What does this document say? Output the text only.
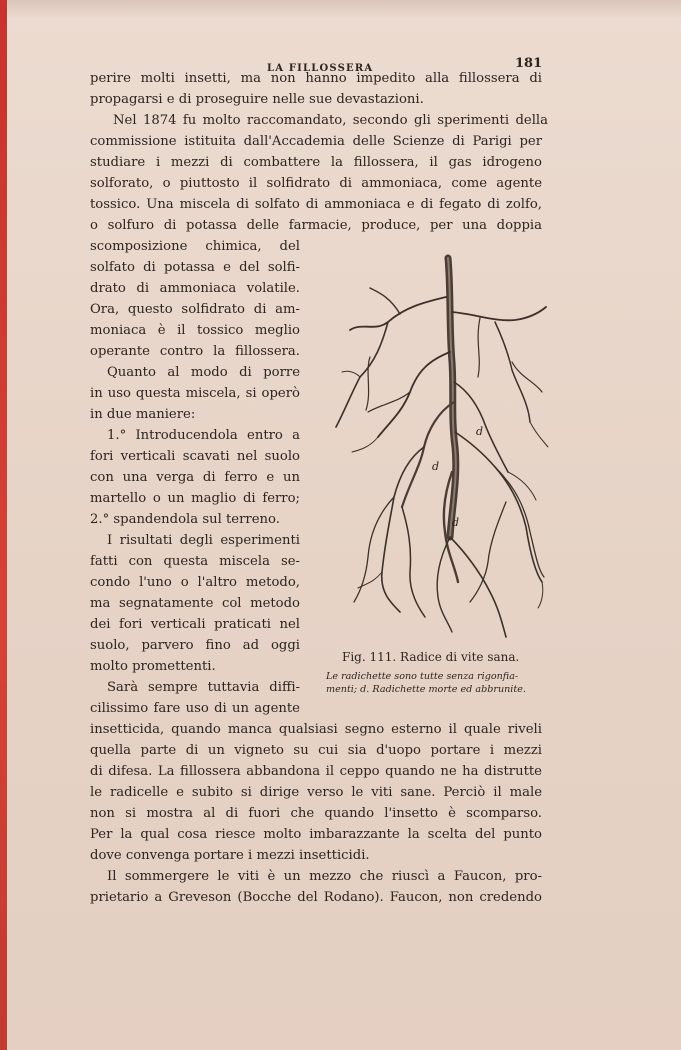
LA FILLOSSERA	181
perire molti insetti, ma non hanno impedito alla fillossera di
propagarsi e di proseguire nelle sue devastazioni.
Nel 1874 fu molto raccomandato, secondo gli sperimenti della
commissione istituita dall'Accademia delle Scienze di Parigi per
studiare i mezzi di combattere la fillossera, il gas idrogeno
solforato, o piuttosto il solfidrato di ammoniaca, come agente
tossico. Una miscela di solfato di ammoniaca e di fegato di zolfo,
o solfuro di potassa delle farmacie, produce, per una doppia
scomposizione chimica, del
solfato di potassa e del solfi-
drato di ammoniaca volatile.
Ora, questo solfidrato di am-
moniaca è il tossico meglio
operante contro la fillossera.
Quanto al modo di porre
in uso questa miscela, si operò
in due maniere:
1.° Introducendola entro a
fori verticali scavati nel suolo
con una verga di ferro e un
martello o un maglio di ferro;
2.° spandendola sul terreno.
I risultati degli esperimenti
fatti con questa miscela se-
condo l'uno o l'altro metodo,
ma segnatamente col metodo
dei fori verticali praticati nel
suolo, parvero fino ad oggi
molto promettenti.
Sarà sempre tuttavia diffi-
cilissimo fare uso di un agente
insetticida, quando manca qualsiasi segno esterno il quale riveli
quella parte di un vigneto su cui sia d'uopo portare i mezzi
di difesa. La fillossera abbandona il ceppo quando ne ha distrutte
le radicelle e subito si dirige verso le viti sane. Perciò il male
non si mostra al di fuori che quando l'insetto è scomparso.
Per la qual cosa riesce molto imbarazzante la scelta del punto
dove convenga portare i mezzi insetticidi.
Il sommergere le viti è un mezzo che riuscì a Faucon, pro-
prietario a Greveson (Bocche del Rodano). Faucon, non credendo
d
d
d
Fig. 111. Radice di vite sana.
Le radichette sono tutte senza rigonfia-
menti; d. Radichette morte ed abbrunite.
